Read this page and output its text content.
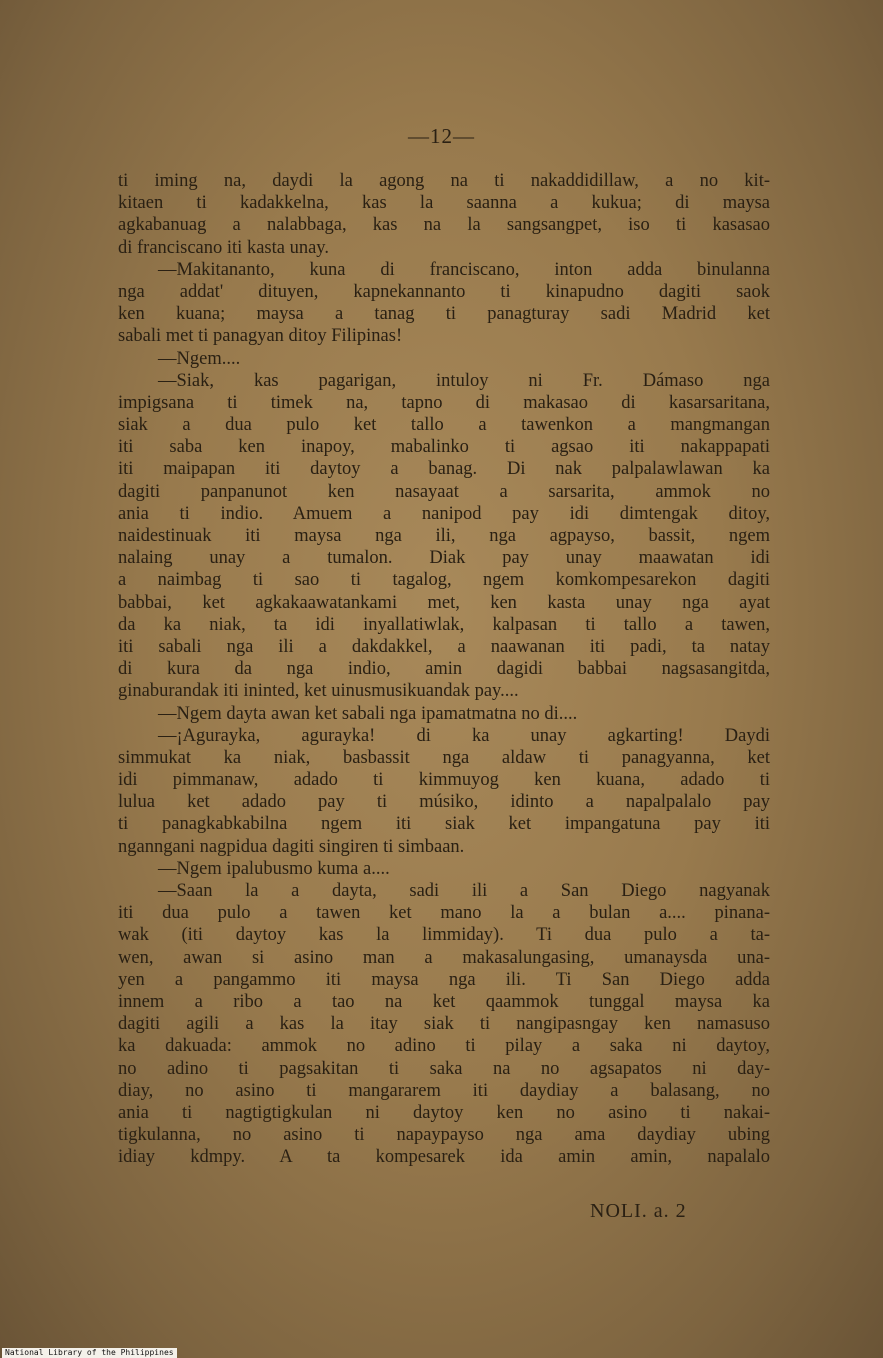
—12—
ti iming na, daydi la agong na ti nakaddidillaw, a no kit-
kitaen ti kadakkelna, kas la saanna a kukua; di maysa
agkabanuag a nalabbaga, kas na la sangsangpet, iso ti kasasao
di franciscano iti kasta unay.
—Makitananto, kuna di franciscano, inton adda binulanna
nga addat' dituyen, kapnekannanto ti kinapudno dagiti saok
ken kuana; maysa a tanag ti panagturay sadi Madrid ket
sabali met ti panagyan ditoy Filipinas!
—Ngem....
—Siak, kas pagarigan, intuloy ni Fr. Dámaso nga
impigsana ti timek na, tapno di makasao di kasarsaritana,
siak a dua pulo ket tallo a tawenkon a mangmangan
iti saba ken inapoy, mabalinko ti agsao iti nakappapati
iti maipapan iti daytoy a banag. Di nak palpalawlawan ka
dagiti panpanunot ken nasayaat a sarsarita, ammok no
ania ti indio. Amuem a nanipod pay idi dimtengak ditoy,
naidestinuak iti maysa nga ili, nga agpayso, bassit, ngem
nalaing unay a tumalon. Diak pay unay maawatan idi
a naimbag ti sao ti tagalog, ngem komkompesarekon dagiti
babbai, ket agkakaawatankami met, ken kasta unay nga ayat
da ka niak, ta idi inyallatiwlak, kalpasan ti tallo a tawen,
iti sabali nga ili a dakdakkel, a naawanan iti padi, ta natay
di kura da nga indio, amin dagidi babbai nagsasangitda,
ginaburandak iti ininted, ket uinusmusikuandak pay....
—Ngem dayta awan ket sabali nga ipamatmatna no di....
—¡Agurayka, agurayka! di ka unay agkarting! Daydi
simmukat ka niak, basbassit nga aldaw ti panagyanna, ket
idi pimmanaw, adado ti kimmuyog ken kuana, adado ti
lulua ket adado pay ti músiko, idinto a napalpalalo pay
ti panagkabkabilna ngem iti siak ket impangatuna pay iti
nganngani nagpidua dagiti singiren ti simbaan.
—Ngem ipalubusmo kuma a....
—Saan la a dayta, sadi ili a San Diego nagyanak
iti dua pulo a tawen ket mano la a bulan a.... pinana-
wak (iti daytoy kas la limmiday). Ti dua pulo a ta-
wen, awan si asino man a makasalungasing, umanaysda una-
yen a pangammo iti maysa nga ili. Ti San Diego adda
innem a ribo a tao na ket qaammok tunggal maysa ka
dagiti agili a kas la itay siak ti nangipasngay ken namasuso
ka dakuada: ammok no adino ti pilay a saka ni daytoy,
no adino ti pagsakitan ti saka na no agsapatos ni day-
diay, no asino ti mangararem iti daydiay a balasang, no
ania ti nagtigtigkulan ni daytoy ken no asino ti nakai-
tigkulanna, no asino ti napaypayso nga ama daydiay ubing
idiay kdmpy. A ta kompesarek ida amin amin, napalalo
NOLI. a. 2
National Library of the Philippines
